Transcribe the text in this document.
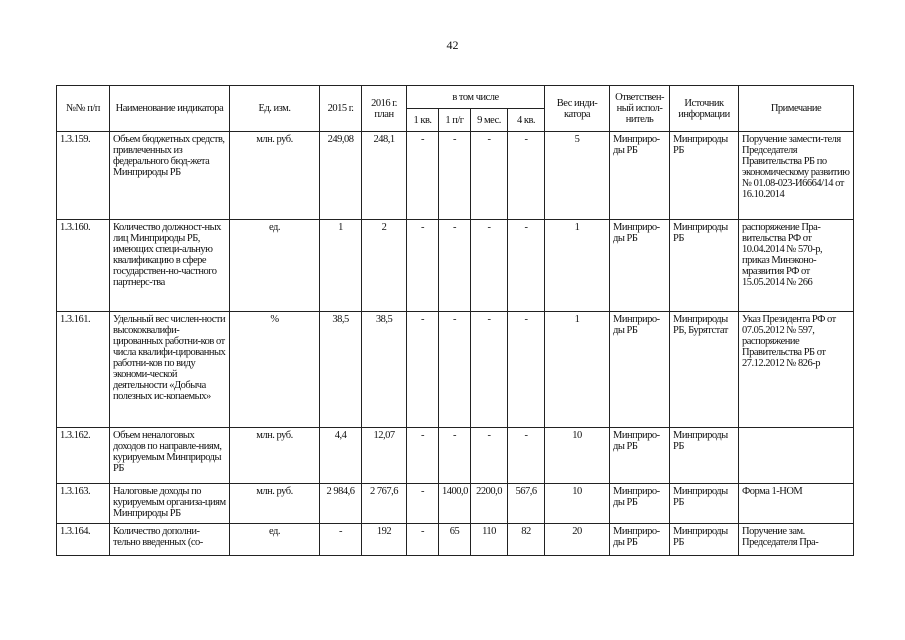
42
№№ п/п	Наименование индикатора	Ед. изм.	2015 г.	2016 г. план	в том числе				Вес инди-катора	Ответствен-ный испол-нитель	Источник информации	Примечание
					1 кв.	1 п/г	9 мес.	4 кв.				
1.3.159.	Объем бюджетных средств, привлеченных из федерального бюд-жета Минприроды РБ	млн. руб.	249,08	248,1	-	-	-	-	5	Минприро-ды РБ	Минприроды РБ	Поручение замести-теля Председателя Правительства РБ по экономическому развитию № 01.08-023-И6664/14 от 16.10.2014
1.3.160.	Количество должност-ных лиц Минприроды РБ, имеющих специ-альную квалификацию в сфере государствен-но-частного партнерс-тва	ед.	1	2	-	-	-	-	1	Минприро-ды РБ	Минприроды РБ	распоряжение Пра-вительства РФ от 10.04.2014 № 570-р, приказ Минэконо-мразвития РФ от 15.05.2014 № 266
1.3.161.	Удельный вес числен-ности высококвалифи-цированных работни-ков от числа квалифи-цированных работни-ков по виду экономи-ческой деятельности «Добыча полезных ис-копаемых»	%	38,5	38,5	-	-	-	-	1	Минприро-ды РБ	Минприроды РБ, Бурятстат	Указ Президента РФ от 07.05.2012 № 597, распоряжение Правительства РБ от 27.12.2012 № 826-р
1.3.162.	Объем неналоговых доходов по направле-ниям, курируемым Минприроды РБ	млн. руб.	4,4	12,07	-	-	-	-	10	Минприро-ды РБ	Минприроды РБ	
1.3.163.	Налоговые доходы по курируемым организа-циям Минприроды РБ	млн. руб.	2 984,6	2 767,6	-	1400,0	2200,0	567,6	10	Минприро-ды РБ	Минприроды РБ	Форма 1-НОМ
1.3.164.	Количество дополни-тельно введенных (со-	ед.	-	192	-	65	110	82	20	Минприро-ды РБ	Минприроды РБ	Поручение зам. Председателя Пра-
